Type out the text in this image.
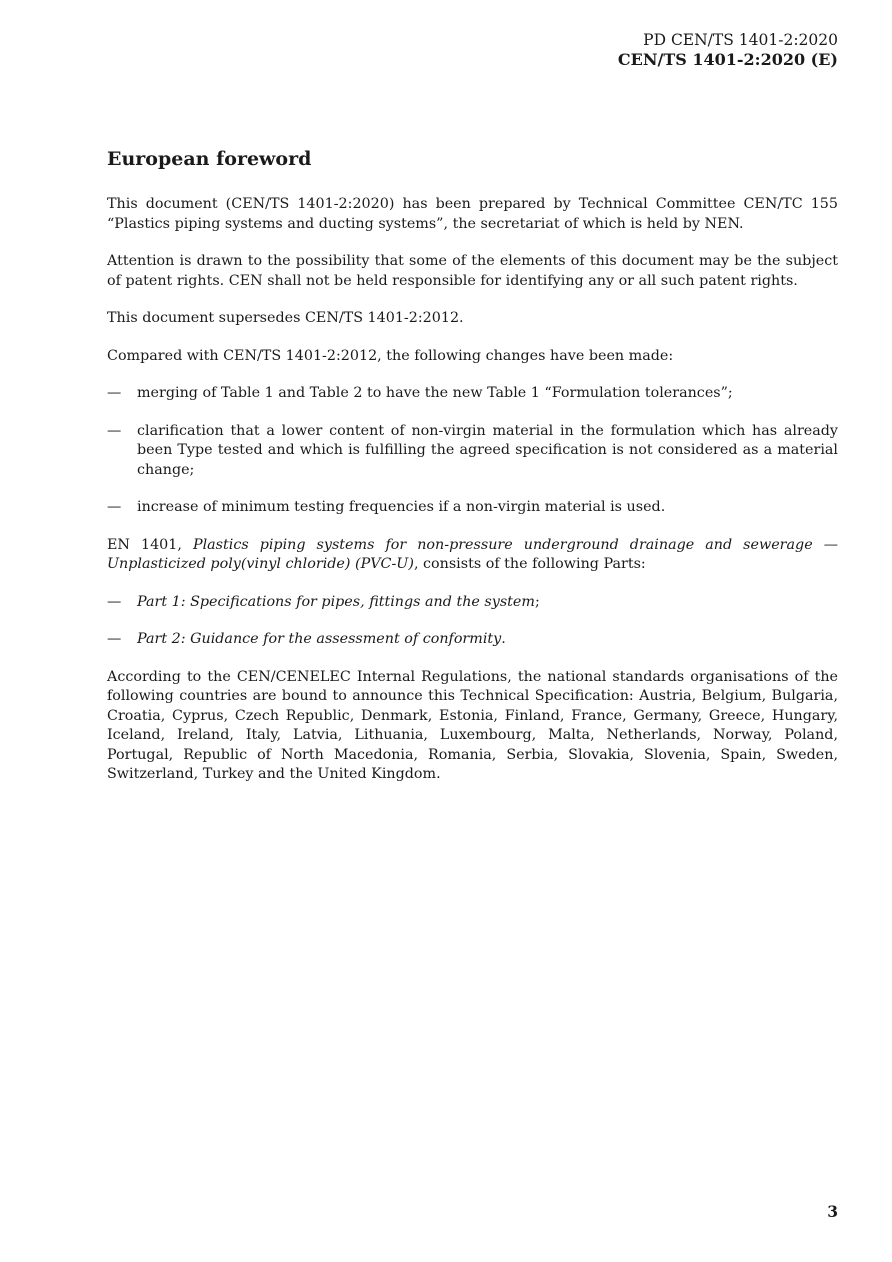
PD CEN/TS 1401-2:2020
CEN/TS 1401-2:2020 (E)
European foreword

This document (CEN/TS 1401-2:2020) has been prepared by Technical Committee CEN/TC 155 “Plastics piping systems and ducting systems”, the secretariat of which is held by NEN.

Attention is drawn to the possibility that some of the elements of this document may be the subject of patent rights. CEN shall not be held responsible for identifying any or all such patent rights.

This document supersedes CEN/TS 1401-2:2012.

Compared with CEN/TS 1401-2:2012, the following changes have been made:

— merging of Table 1 and Table 2 to have the new Table 1 “Formulation tolerances”;
— clarification that a lower content of non-virgin material in the formulation which has already been Type tested and which is fulfilling the agreed specification is not considered as a material change;
— increase of minimum testing frequencies if a non-virgin material is used.

EN 1401, Plastics piping systems for non-pressure underground drainage and sewerage — Unplasticized poly(vinyl chloride) (PVC-U), consists of the following Parts:

— Part 1: Specifications for pipes, fittings and the system;
— Part 2: Guidance for the assessment of conformity.

According to the CEN/CENELEC Internal Regulations, the national standards organisations of the following countries are bound to announce this Technical Specification: Austria, Belgium, Bulgaria, Croatia, Cyprus, Czech Republic, Denmark, Estonia, Finland, France, Germany, Greece, Hungary, Iceland, Ireland, Italy, Latvia, Lithuania, Luxembourg, Malta, Netherlands, Norway, Poland, Portugal, Republic of North Macedonia, Romania, Serbia, Slovakia, Slovenia, Spain, Sweden, Switzerland, Turkey and the United Kingdom.

3
